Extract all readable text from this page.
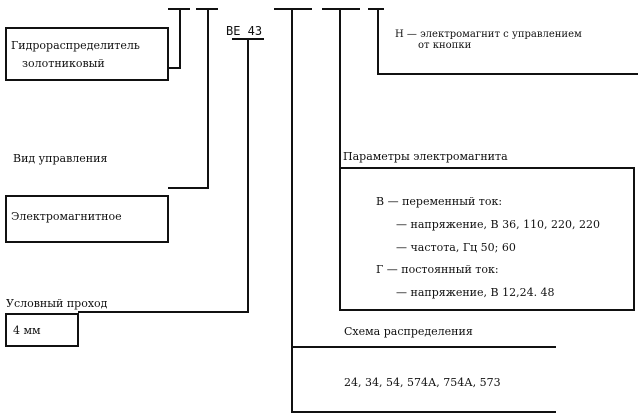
ВЕ 43
Гидрораспределитель
золотниковый
Вид управления
Электромагнитное
Условный проход
4 мм
Н — электромагнит с управлением
от кнопки
Параметры электромагнита
В — переменный ток:
— напряжение, В 36, 110, 220, 220
— частота, Гц 50; 60
Г — постоянный ток:
— напряжение, В 12,24. 48
Схема распределения
24, 34, 54, 574А, 754А, 573
